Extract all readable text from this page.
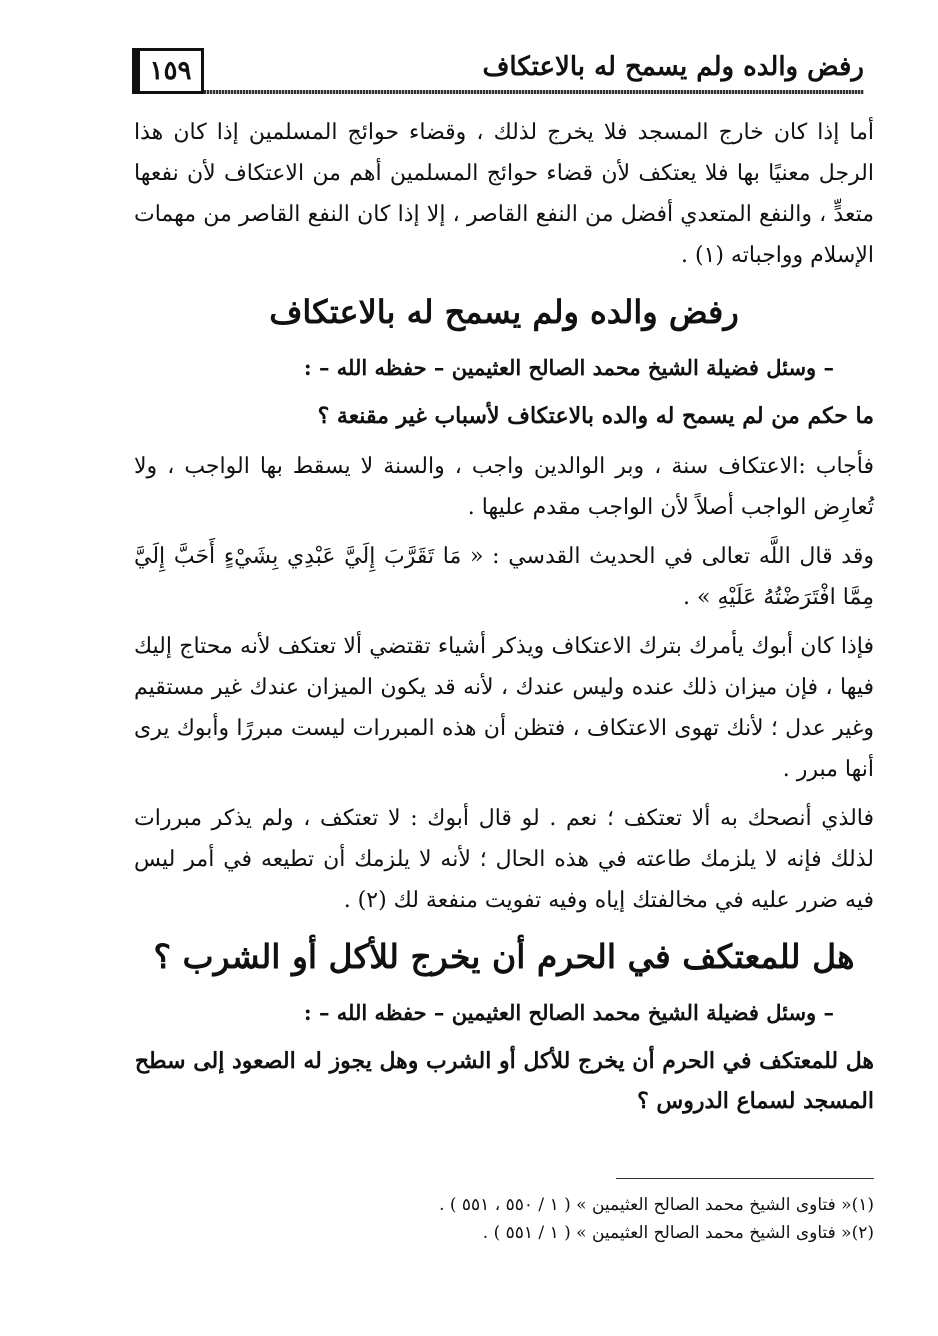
١٥٩	رفض والده ولم يسمح له بالاعتكاف

أما إذا كان خارج المسجد فلا يخرج لذلك ، وقضاء حوائج المسلمين إذا كان هذا الرجل معنيًا بها فلا يعتكف لأن قضاء حوائج المسلمين أهم من الاعتكاف لأن نفعها متعدٍّ ، والنفع المتعدي أفضل من النفع القاصر ، إلا إذا كان النفع القاصر من مهمات الإسلام وواجباته (١) .

رفض والده ولم يسمح له بالاعتكاف
– وسئل فضيلة الشيخ محمد الصالح العثيمين – حفظه الله – :
ما حكم من لم يسمح له والده بالاعتكاف لأسباب غير مقنعة ؟

فأجاب :الاعتكاف سنة ، وبر الوالدين واجب ، والسنة لا يسقط بها الواجب ، ولا تُعارِض الواجب أصلاً لأن الواجب مقدم عليها .

وقد قال اللَّه تعالى في الحديث القدسي : « مَا تَقَرَّبَ إِلَيَّ عَبْدِي بِشَيْءٍ أَحَبَّ إِلَيَّ مِمَّا افْتَرَضْتُهُ عَلَيْهِ » .

فإذا كان أبوك يأمرك بترك الاعتكاف ويذكر أشياء تقتضي ألا تعتكف لأنه محتاج إليك فيها ، فإن ميزان ذلك عنده وليس عندك ، لأنه قد يكون الميزان عندك غير مستقيم وغير عدل ؛ لأنك تهوى الاعتكاف ، فتظن أن هذه المبررات ليست مبررًا وأبوك يرى أنها مبرر .

فالذي أنصحك به ألا تعتكف ؛ نعم . لو قال أبوك : لا تعتكف ، ولم يذكر مبررات لذلك فإنه لا يلزمك طاعته في هذه الحال ؛ لأنه لا يلزمك أن تطيعه في أمر ليس فيه ضرر عليه في مخالفتك إياه وفيه تفويت منفعة لك (٢) .

هل للمعتكف في الحرم أن يخرج للأكل أو الشرب ؟
– وسئل فضيلة الشيخ محمد الصالح العثيمين – حفظه الله – :
هل للمعتكف في الحرم أن يخرج للأكل أو الشرب وهل يجوز له الصعود إلى سطح المسجد لسماع الدروس ؟

(١)« فتاوى الشيخ محمد الصالح العثيمين » ( ١ / ٥٥٠ ، ٥٥١ ) .

(٢)« فتاوى الشيخ محمد الصالح العثيمين » ( ١ / ٥٥١ ) .
